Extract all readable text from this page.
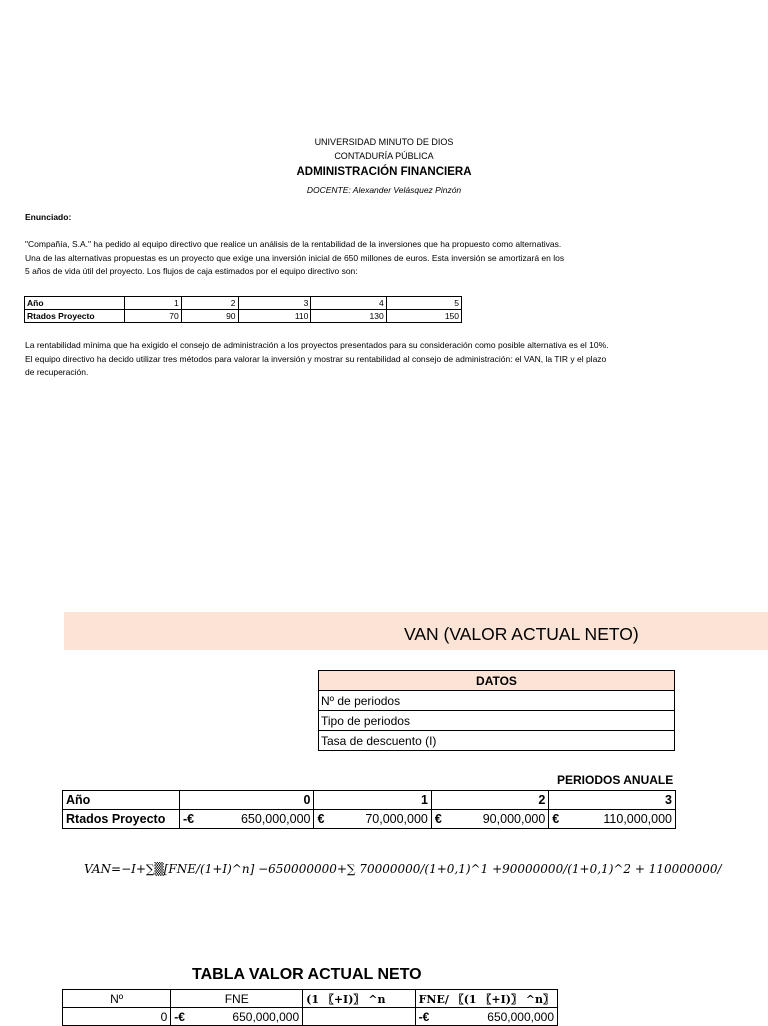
UNIVERSIDAD MINUTO DE DIOS
CONTADURÍA PÚBLICA
ADMINISTRACIÓN FINANCIERA
DOCENTE: Alexander Velásquez Pinzón
Enunciado:
"Compañía, S.A." ha pedido al equipo directivo que realice un análisis de la rentabilidad de la inversiones que ha propuesto como alternativas.
Una de las alternativas propuestas es un proyecto que exige una inversión inicial de 650 millones de euros. Esta inversión se amortizará en los
5 años de vida útil del proyecto. Los flujos de caja estimados por el equipo directivo son:
Año	1	2	3	4	5
Rtados Proyecto	70	90	110	130	150
La rentabilidad mínima que ha exigido el consejo de administración a los proyectos presentados para su consideración como posible alternativa es el 10%.
El equipo directivo ha decido utilizar tres métodos para valorar la inversión y mostrar su rentabilidad al consejo de administración: el VAN, la TIR y el plazo
de recuperación.
VAN (VALOR ACTUAL NETO)
DATOS
Nº de periodos
Tipo de periodos
Tasa de descuento (I)
PERIODOS ANUALE
Año	0	1	2	3
Rtados Proyecto	-€ 650,000,000	€ 70,000,000	€ 90,000,000	€ 110,000,000
VAN=−I+∑▒[FNE/(1+I)^n] −650000000+∑ 70000000/(1+0,1)^1 +90000000/(1+0,1)^2 + 110000000/
TABLA VALOR ACTUAL NETO
Nº	FNE	(1 〖+I)〗 ^n	FNE/ 〖(1 〖+I)〗 ^n〗
0	-€ 650,000,000		-€ 650,000,000
